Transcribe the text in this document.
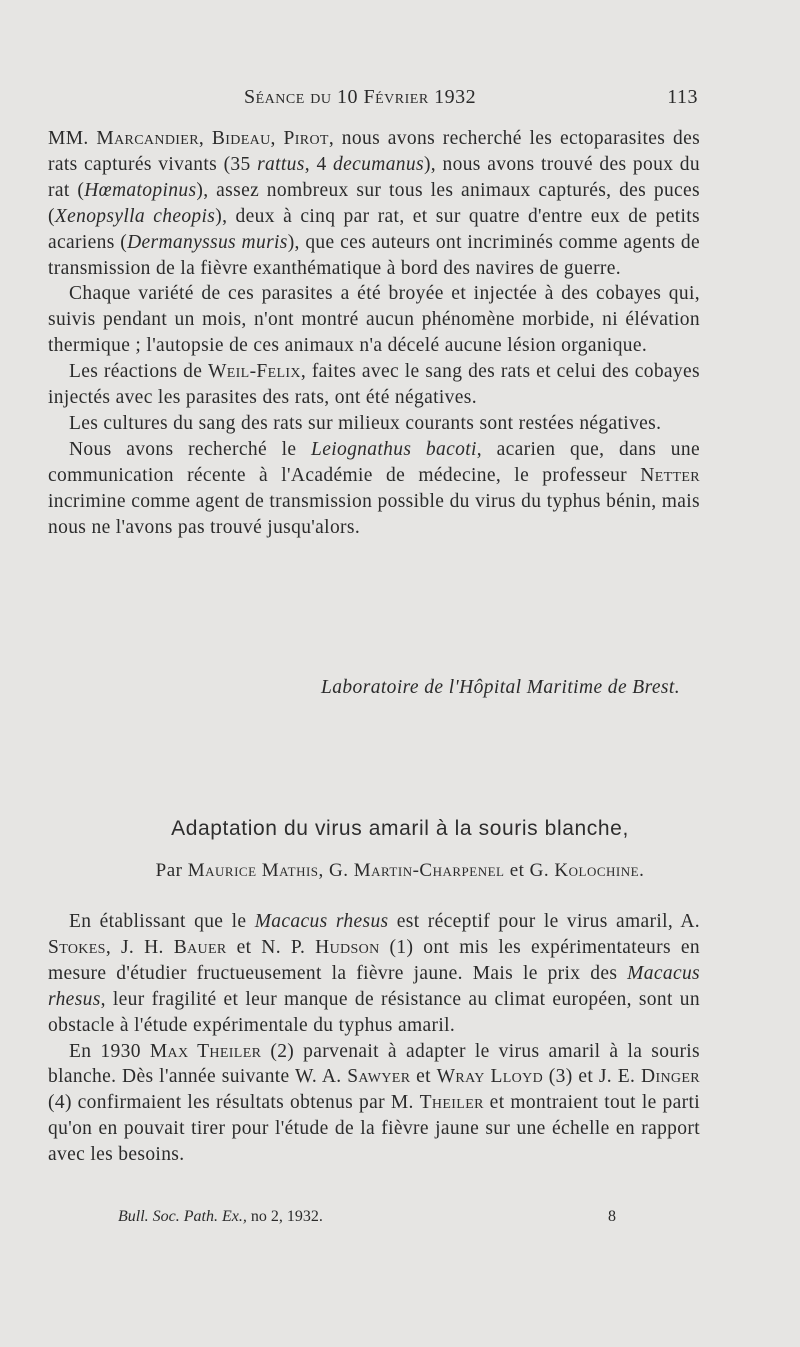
Séance du 10 Février 1932	113

MM. Marcandier, Bideau, Pirot, nous avons recherché les ectoparasites des rats capturés vivants (35 rattus, 4 decumanus), nous avons trouvé des poux du rat (Hœmatopinus), assez nombreux sur tous les animaux capturés, des puces (Xenopsylla cheopis), deux à cinq par rat, et sur quatre d'entre eux de petits acariens (Dermanyssus muris), que ces auteurs ont incriminés comme agents de transmission de la fièvre exanthématique à bord des navires de guerre.

Chaque variété de ces parasites a été broyée et injectée à des cobayes qui, suivis pendant un mois, n'ont montré aucun phénomène morbide, ni élévation thermique ; l'autopsie de ces animaux n'a décelé aucune lésion organique.

Les réactions de Weil-Felix, faites avec le sang des rats et celui des cobayes injectés avec les parasites des rats, ont été négatives.

Les cultures du sang des rats sur milieux courants sont restées négatives.

Nous avons recherché le Leiognathus bacoti, acarien que, dans une communication récente à l'Académie de médecine, le professeur Netter incrimine comme agent de transmission possible du virus du typhus bénin, mais nous ne l'avons pas trouvé jusqu'alors.

Laboratoire de l'Hôpital Maritime de Brest.
Adaptation du virus amaril à la souris blanche,
Par Maurice Mathis, G. Martin-Charpenel et G. Kolochine.

En établissant que le Macacus rhesus est réceptif pour le virus amaril, A. Stokes, J. H. Bauer et N. P. Hudson (1) ont mis les expérimentateurs en mesure d'étudier fructueusement la fièvre jaune. Mais le prix des Macacus rhesus, leur fragilité et leur manque de résistance au climat européen, sont un obstacle à l'étude expérimentale du typhus amaril.

En 1930 Max Theiler (2) parvenait à adapter le virus amaril à la souris blanche. Dès l'année suivante W. A. Sawyer et Wray Lloyd (3) et J. E. Dinger (4) confirmaient les résultats obtenus par M. Theiler et montraient tout le parti qu'on en pouvait tirer pour l'étude de la fièvre jaune sur une échelle en rapport avec les besoins.

Bull. Soc. Path. Ex., no 2, 1932.	8
